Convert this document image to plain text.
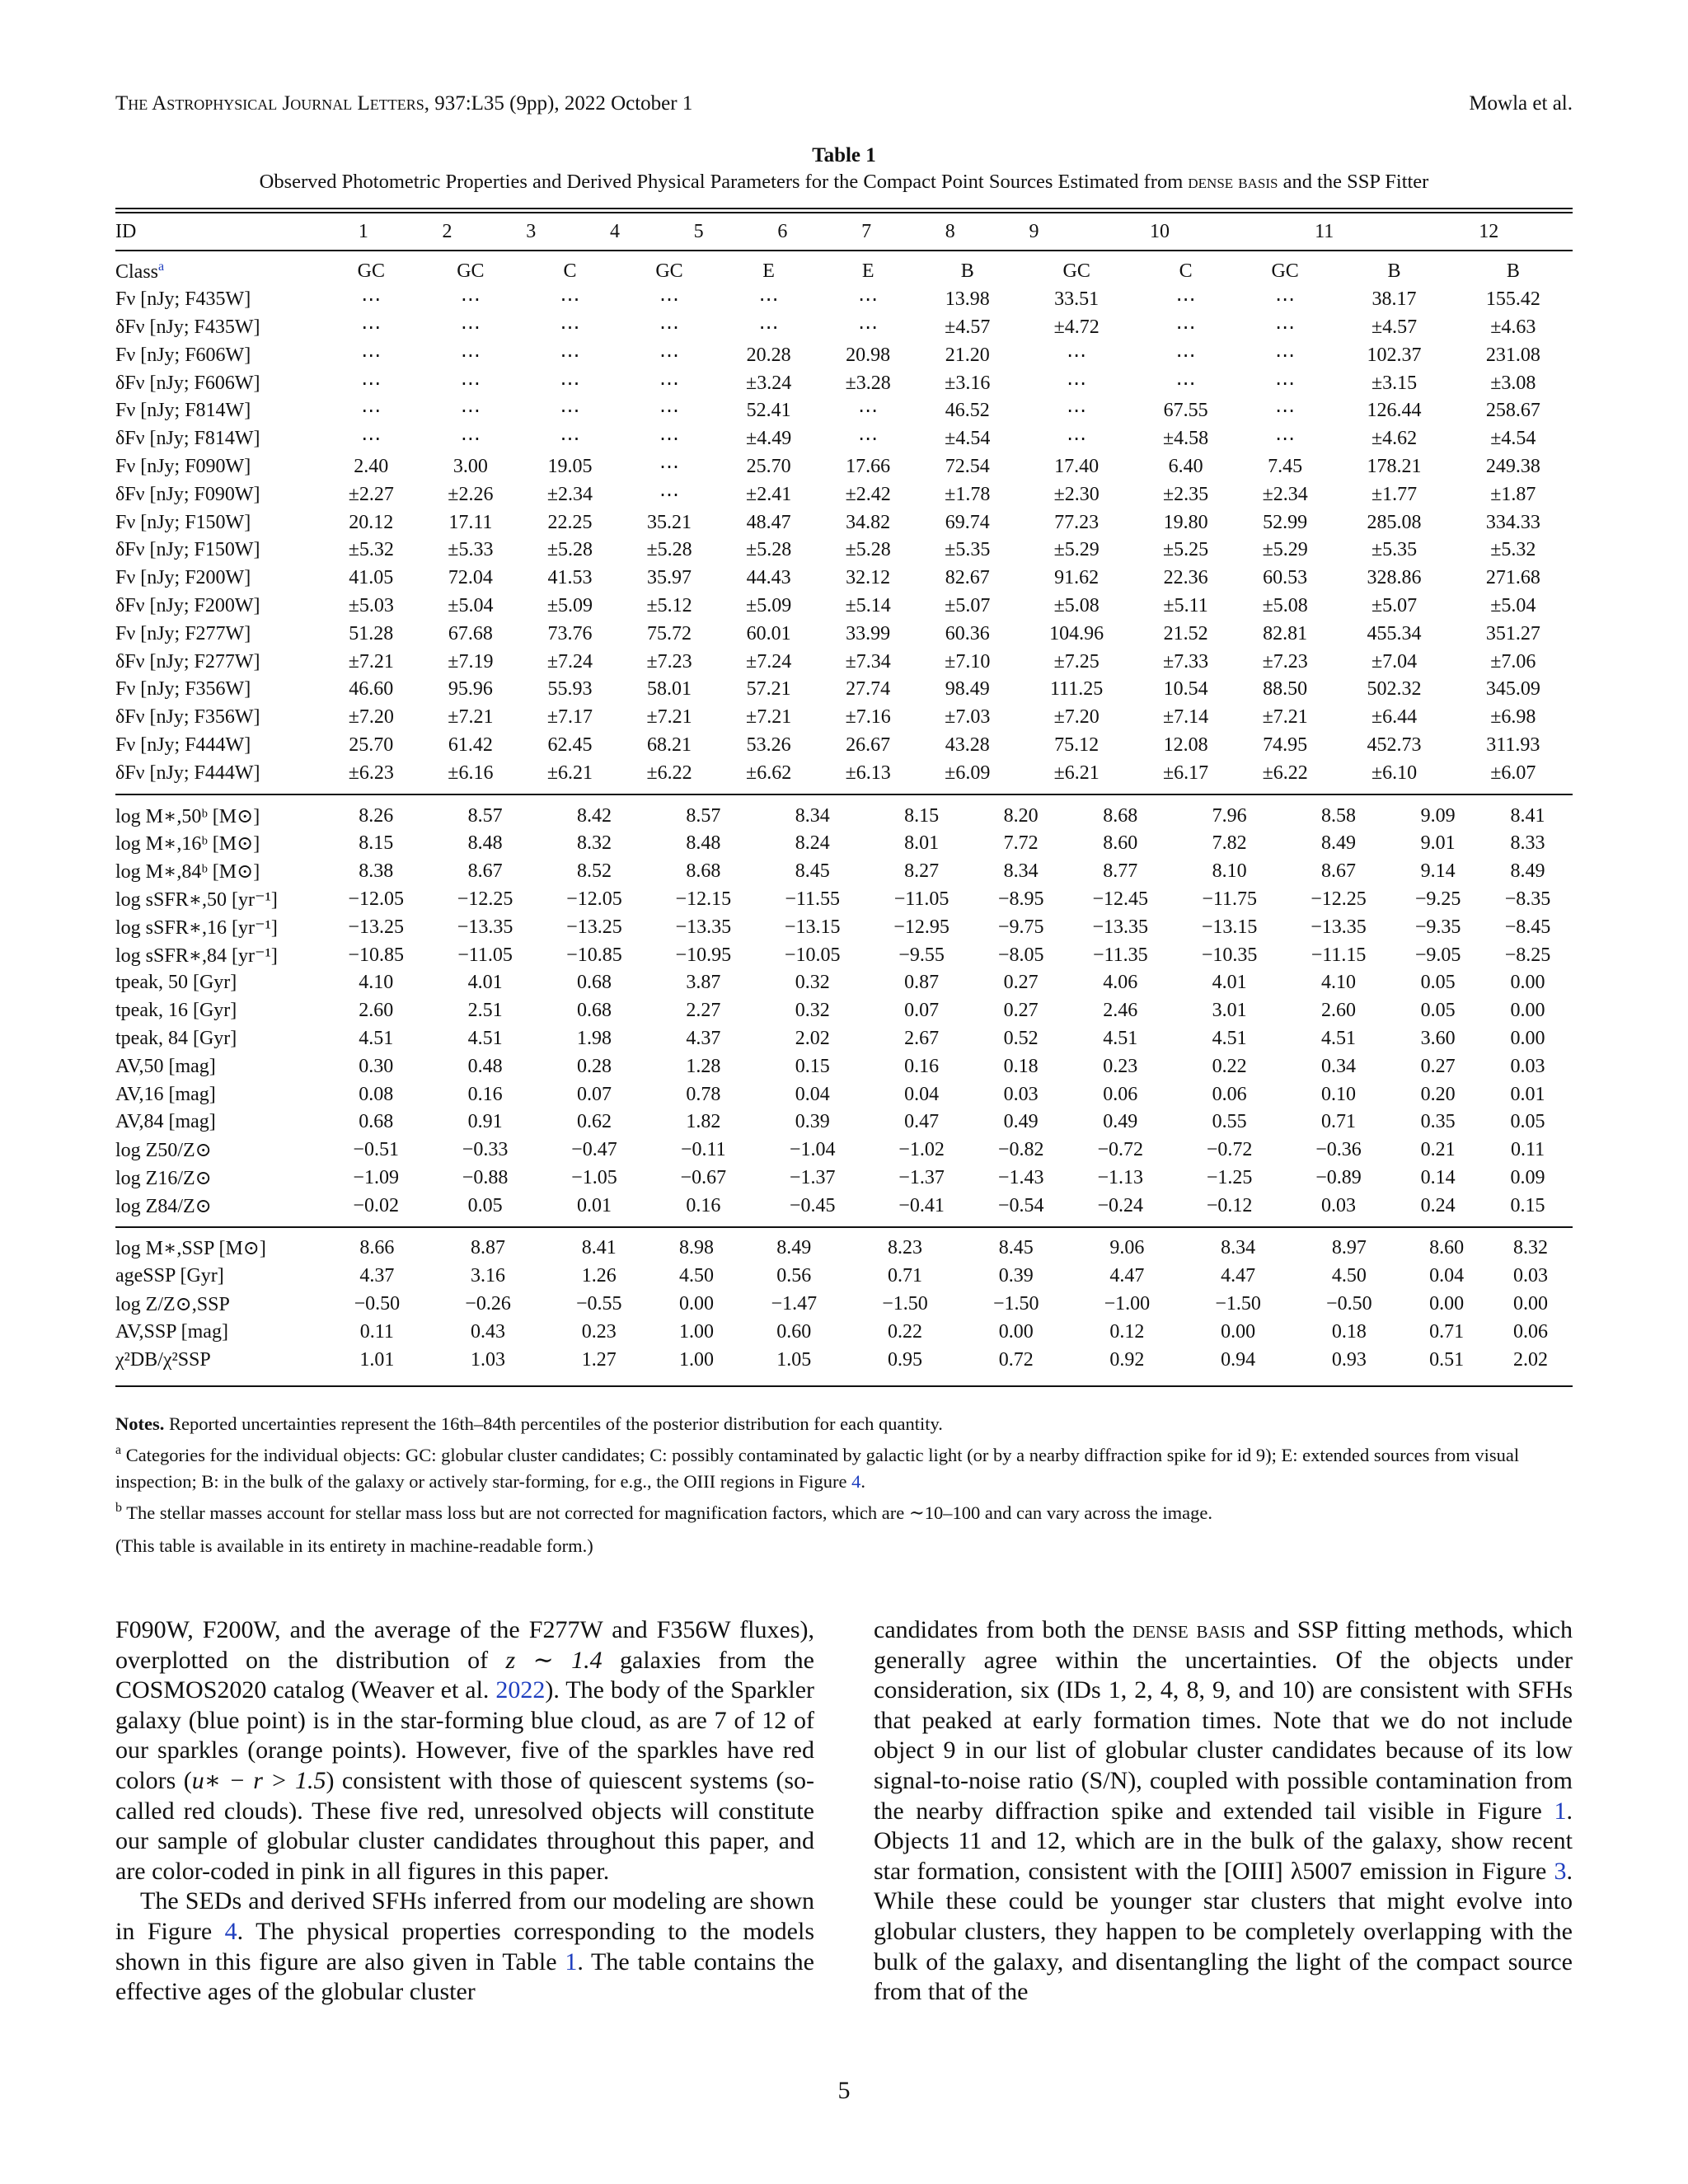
The Astrophysical Journal Letters, 937:L35 (9pp), 2022 October 1	Mowla et al.
Table 1
Observed Photometric Properties and Derived Physical Parameters for the Compact Point Sources Estimated from dense basis and the SSP Fitter
ID	1	2	3	4	5	6	7	8	9	10	11	12

Class$^a$	GC	GC	C	GC	E	E	B	GC	C	GC	B	B
Fν [nJy; F435W]	⋯	⋯	⋯	⋯	⋯	⋯	13.98	33.51	⋯	⋯	38.17	155.42
δFν [nJy; F435W]	⋯	⋯	⋯	⋯	⋯	⋯	±4.57	±4.72	⋯	⋯	±4.57	±4.63
Fν [nJy; F606W]	⋯	⋯	⋯	⋯	20.28	20.98	21.20	⋯	⋯	⋯	102.37	231.08
δFν [nJy; F606W]	⋯	⋯	⋯	⋯	±3.24	±3.28	±3.16	⋯	⋯	⋯	±3.15	±3.08
Fν [nJy; F814W]	⋯	⋯	⋯	⋯	52.41	⋯	46.52	⋯	67.55	⋯	126.44	258.67
δFν [nJy; F814W]	⋯	⋯	⋯	⋯	±4.49	⋯	±4.54	⋯	±4.58	⋯	±4.62	±4.54
Fν [nJy; F090W]	2.40	3.00	19.05	⋯	25.70	17.66	72.54	17.40	6.40	7.45	178.21	249.38
δFν [nJy; F090W]	±2.27	±2.26	±2.34	⋯	±2.41	±2.42	±1.78	±2.30	±2.35	±2.34	±1.77	±1.87
Fν [nJy; F150W]	20.12	17.11	22.25	35.21	48.47	34.82	69.74	77.23	19.80	52.99	285.08	334.33
δFν [nJy; F150W]	±5.32	±5.33	±5.28	±5.28	±5.28	±5.28	±5.35	±5.29	±5.25	±5.29	±5.35	±5.32
Fν [nJy; F200W]	41.05	72.04	41.53	35.97	44.43	32.12	82.67	91.62	22.36	60.53	328.86	271.68
δFν [nJy; F200W]	±5.03	±5.04	±5.09	±5.12	±5.09	±5.14	±5.07	±5.08	±5.11	±5.08	±5.07	±5.04
Fν [nJy; F277W]	51.28	67.68	73.76	75.72	60.01	33.99	60.36	104.96	21.52	82.81	455.34	351.27
δFν [nJy; F277W]	±7.21	±7.19	±7.24	±7.23	±7.24	±7.34	±7.10	±7.25	±7.33	±7.23	±7.04	±7.06
Fν [nJy; F356W]	46.60	95.96	55.93	58.01	57.21	27.74	98.49	111.25	10.54	88.50	502.32	345.09
δFν [nJy; F356W]	±7.20	±7.21	±7.17	±7.21	±7.21	±7.16	±7.03	±7.20	±7.14	±7.21	±6.44	±6.98
Fν [nJy; F444W]	25.70	61.42	62.45	68.21	53.26	26.67	43.28	75.12	12.08	74.95	452.73	311.93
δFν [nJy; F444W]	±6.23	±6.16	±6.21	±6.22	±6.62	±6.13	±6.09	±6.21	±6.17	±6.22	±6.10	±6.07

log M∗,50ᵇ [M⊙]	8.26	8.57	8.42	8.57	8.34	8.15	8.20	8.68	7.96	8.58	9.09	8.41
log M∗,16ᵇ [M⊙]	8.15	8.48	8.32	8.48	8.24	8.01	7.72	8.60	7.82	8.49	9.01	8.33
log M∗,84ᵇ [M⊙]	8.38	8.67	8.52	8.68	8.45	8.27	8.34	8.77	8.10	8.67	9.14	8.49
log sSFR∗,50 [yr⁻¹]	−12.05	−12.25	−12.05	−12.15	−11.55	−11.05	−8.95	−12.45	−11.75	−12.25	−9.25	−8.35
log sSFR∗,16 [yr⁻¹]	−13.25	−13.35	−13.25	−13.35	−13.15	−12.95	−9.75	−13.35	−13.15	−13.35	−9.35	−8.45
log sSFR∗,84 [yr⁻¹]	−10.85	−11.05	−10.85	−10.95	−10.05	−9.55	−8.05	−11.35	−10.35	−11.15	−9.05	−8.25
tpeak, 50 [Gyr]	4.10	4.01	0.68	3.87	0.32	0.87	0.27	4.06	4.01	4.10	0.05	0.00
tpeak, 16 [Gyr]	2.60	2.51	0.68	2.27	0.32	0.07	0.27	2.46	3.01	2.60	0.05	0.00
tpeak, 84 [Gyr]	4.51	4.51	1.98	4.37	2.02	2.67	0.52	4.51	4.51	4.51	3.60	0.00
AV,50 [mag]	0.30	0.48	0.28	1.28	0.15	0.16	0.18	0.23	0.22	0.34	0.27	0.03
AV,16 [mag]	0.08	0.16	0.07	0.78	0.04	0.04	0.03	0.06	0.06	0.10	0.20	0.01
AV,84 [mag]	0.68	0.91	0.62	1.82	0.39	0.47	0.49	0.49	0.55	0.71	0.35	0.05
log Z50/Z⊙	−0.51	−0.33	−0.47	−0.11	−1.04	−1.02	−0.82	−0.72	−0.72	−0.36	0.21	0.11
log Z16/Z⊙	−1.09	−0.88	−1.05	−0.67	−1.37	−1.37	−1.43	−1.13	−1.25	−0.89	0.14	0.09
log Z84/Z⊙	−0.02	0.05	0.01	0.16	−0.45	−0.41	−0.54	−0.24	−0.12	0.03	0.24	0.15

log M∗,SSP [M⊙]	8.66	8.87	8.41	8.98	8.49	8.23	8.45	9.06	8.34	8.97	8.60	8.32
ageSSP [Gyr]	4.37	3.16	1.26	4.50	0.56	0.71	0.39	4.47	4.47	4.50	0.04	0.03
log Z/Z⊙,SSP	−0.50	−0.26	−0.55	0.00	−1.47	−1.50	−1.50	−1.00	−1.50	−0.50	0.00	0.00
AV,SSP [mag]	0.11	0.43	0.23	1.00	0.60	0.22	0.00	0.12	0.00	0.18	0.71	0.06
χ²DB/χ²SSP	1.01	1.03	1.27	1.00	1.05	0.95	0.72	0.92	0.94	0.93	0.51	2.02

Notes. Reported uncertainties represent the 16th–84th percentiles of the posterior distribution for each quantity.

$^a$ Categories for the individual objects: GC: globular cluster candidates; C: possibly contaminated by galactic light (or by a nearby diffraction spike for id 9); E: extended sources from visual inspection; B: in the bulk of the galaxy or actively star-forming, for e.g., the OIII regions in Figure 4.

$^b$ The stellar masses account for stellar mass loss but are not corrected for magnification factors, which are ∼10–100 and can vary across the image.

(This table is available in its entirety in machine-readable form.)

F090W, F200W, and the average of the F277W and F356W fluxes), overplotted on the distribution of z ∼ 1.4 galaxies from the COSMOS2020 catalog (Weaver et al. 2022). The body of the Sparkler galaxy (blue point) is in the star-forming blue cloud, as are 7 of 12 of our sparkles (orange points). However, five of the sparkles have red colors (u∗ − r > 1.5) consistent with those of quiescent systems (so-called red clouds). These five red, unresolved objects will constitute our sample of globular cluster candidates throughout this paper, and are color-coded in pink in all figures in this paper.

The SEDs and derived SFHs inferred from our modeling are shown in Figure 4. The physical properties corresponding to the models shown in this figure are also given in Table 1. The table contains the effective ages of the globular cluster

candidates from both the dense basis and SSP fitting methods, which generally agree within the uncertainties. Of the objects under consideration, six (IDs 1, 2, 4, 8, 9, and 10) are consistent with SFHs that peaked at early formation times. Note that we do not include object 9 in our list of globular cluster candidates because of its low signal-to-noise ratio (S/N), coupled with possible contamination from the nearby diffraction spike and extended tail visible in Figure 1. Objects 11 and 12, which are in the bulk of the galaxy, show recent star formation, consistent with the [OIII] λ5007 emission in Figure 3. While these could be younger star clusters that might evolve into globular clusters, they happen to be completely overlapping with the bulk of the galaxy, and disentangling the light of the compact source from that of the

5
